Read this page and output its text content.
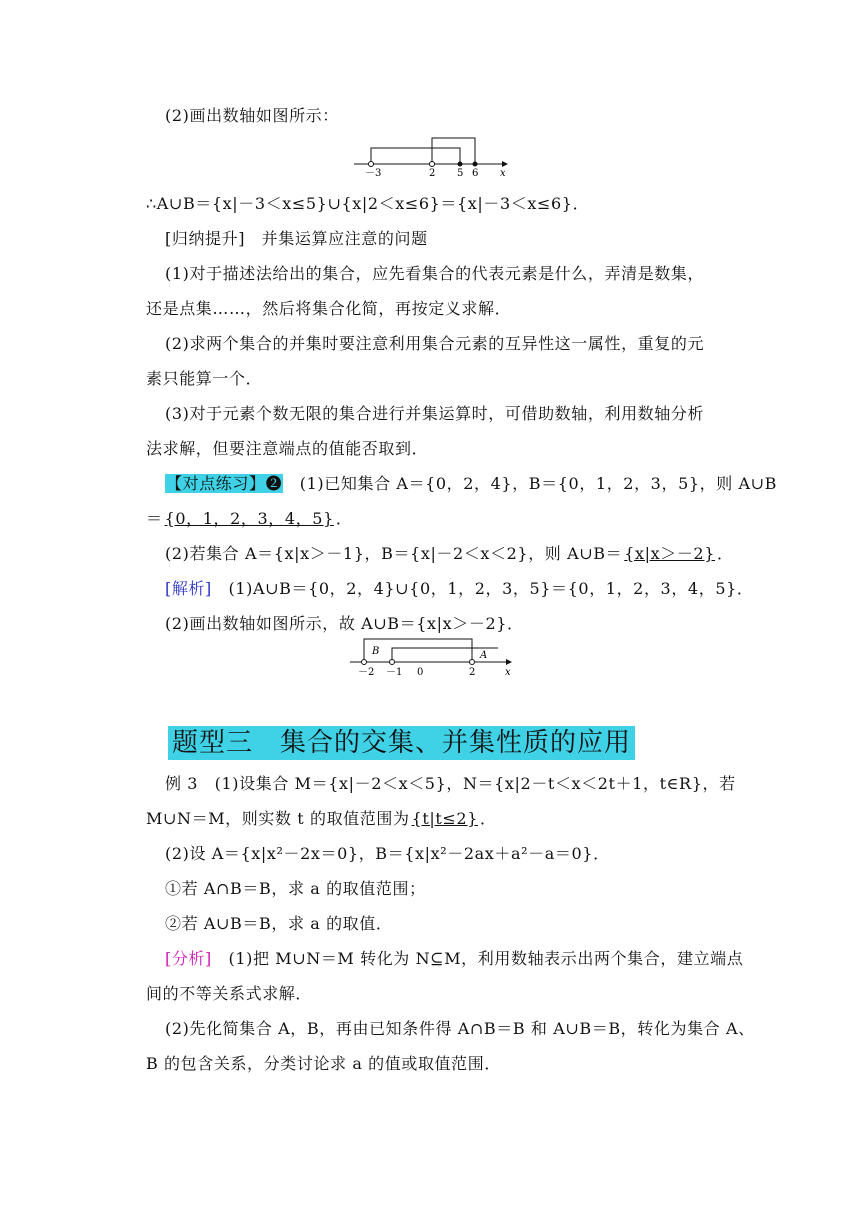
(2)画出数轴如图所示：
－3	2 5 6 x
∴A∪B＝{x|－3＜x≤5}∪{x|2＜x≤6}＝{x|－3＜x≤6}．
[归纳提升]　并集运算应注意的问题
(1)对于描述法给出的集合，应先看集合的代表元素是什么，弄清是数集，
还是点集……，然后将集合化简，再按定义求解．
(2)求两个集合的并集时要注意利用集合元素的互异性这一属性，重复的元
素只能算一个．
(3)对于元素个数无限的集合进行并集运算时，可借助数轴，利用数轴分析
法求解，但要注意端点的值能否取到．
【对点练习】❷　(1)已知集合 A＝{0，2，4}，B＝{0，1，2，3，5}，则 A∪B
＝ {0，1，2，3，4，5} ．
(2)若集合 A＝{x|x＞－1}，B＝{x|－2＜x＜2}，则 A∪B＝ {x|x＞－2} ．
[解析]　(1)A∪B＝{0，2，4}∪{0，1，2，3，5}＝{0，1，2，3，4，5}．
(2)画出数轴如图所示，故 A∪B＝{x|x＞－2}．
B	A
－2 －1 0	2	x
题型三　集合的交集、并集性质的应用
例 3　(1)设集合 M＝{x|－2＜x＜5}，N＝{x|2－t＜x＜2t＋1，t∈R}，若
M∪N＝M，则实数 t 的取值范围为 {t|t≤2} ．
(2)设 A＝{x|x²－2x＝0}，B＝{x|x²－2ax＋a²－a＝0}．
①若 A∩B＝B，求 a 的取值范围；
②若 A∪B＝B，求 a 的取值．
[分析]　(1)把 M∪N＝M 转化为 N⊆M，利用数轴表示出两个集合，建立端点
间的不等关系式求解．
(2)先化简集合 A，B，再由已知条件得 A∩B＝B 和 A∪B＝B，转化为集合 A、
B 的包含关系，分类讨论求 a 的值或取值范围．
